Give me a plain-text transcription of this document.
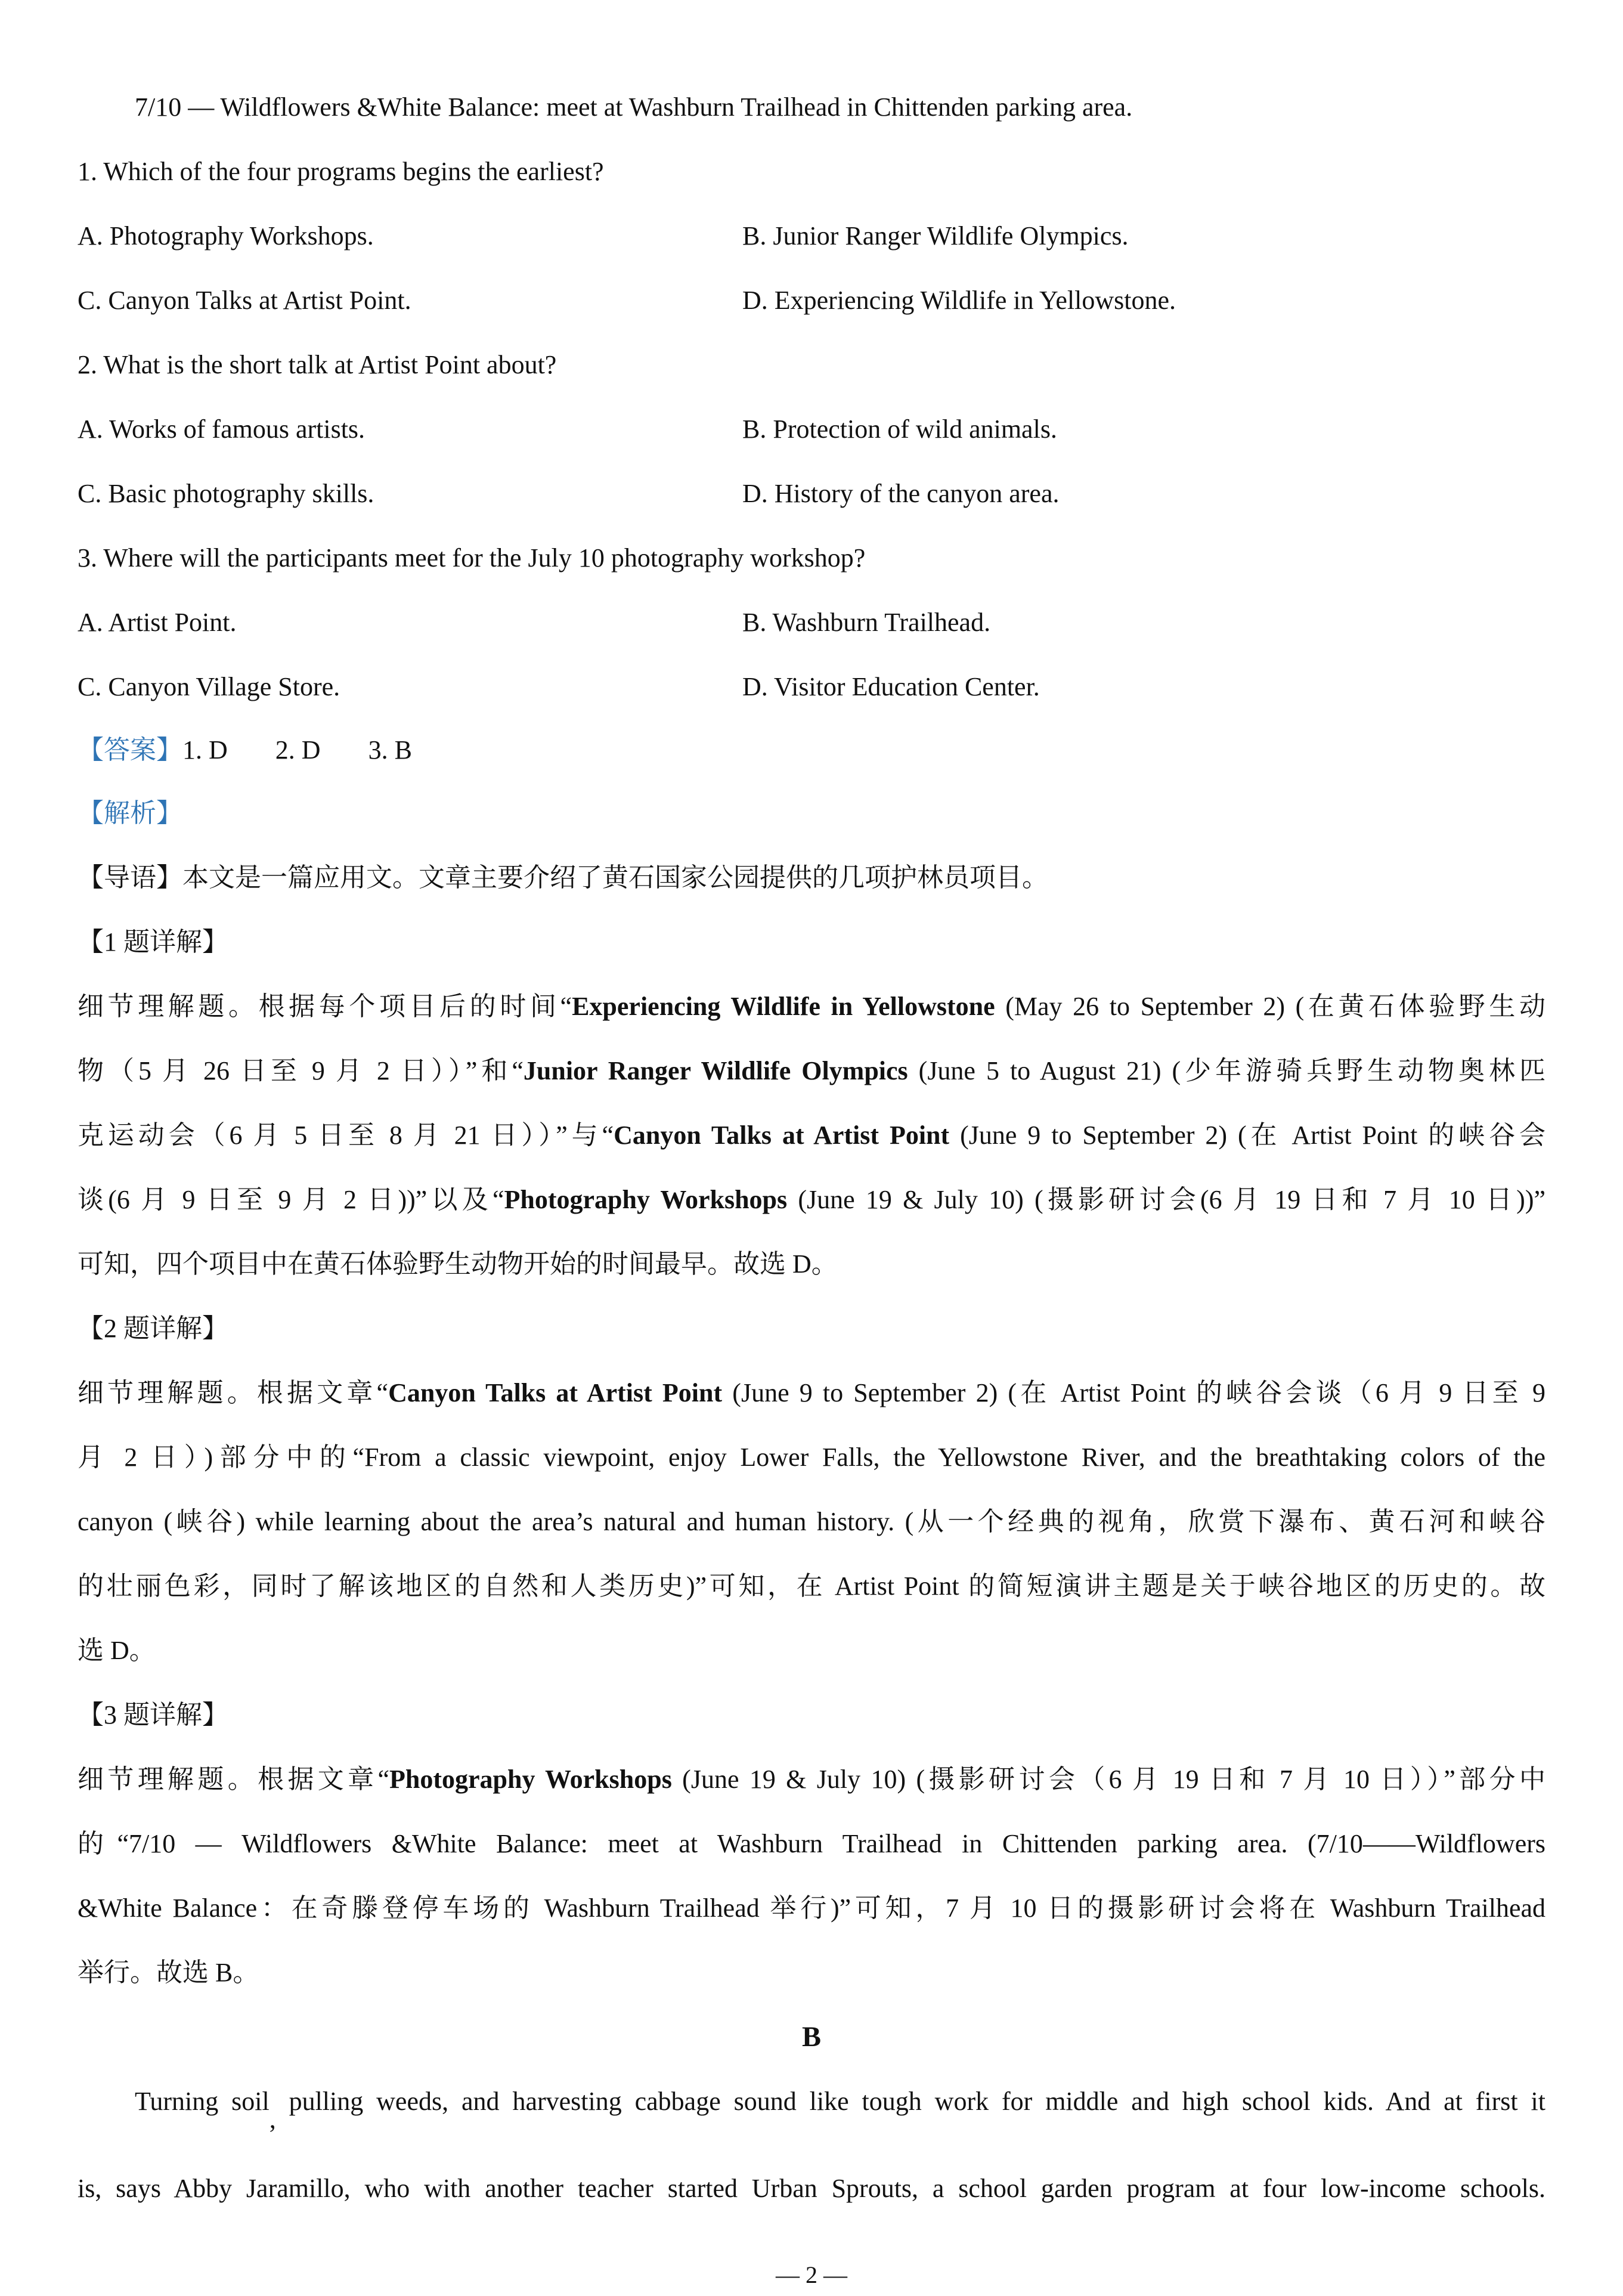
7/10 — Wildflowers &White Balance: meet at Washburn Trailhead in Chittenden parking area.
1. Which of the four programs begins the earliest?
A. Photography Workshops.	B. Junior Ranger Wildlife Olympics.
C. Canyon Talks at Artist Point.	D. Experiencing Wildlife in Yellowstone.
2. What is the short talk at Artist Point about?
A. Works of famous artists.	B. Protection of wild animals.
C. Basic photography skills.	D. History of the canyon area.
3. Where will the participants meet for the July 10 photography workshop?
A. Artist Point.	B. Washburn Trailhead.
C. Canyon Village Store.	D. Visitor Education Center.
【答案】1. D 2. D 3. B
【解析】
【导语】本文是一篇应用文。文章主要介绍了黄石国家公园提供的几项护林员项目。
【1 题详解】
细节理解题。根据每个项目后的时间“Experiencing Wildlife in Yellowstone (May 26 to September 2) (在黄石体验野生动
物（5 月 26 日至 9 月 2 日））”和“Junior Ranger Wildlife Olympics (June 5 to August 21) (少年游骑兵野生动物奥林匹
克运动会（6 月 5 日至 8 月 21 日））”与“Canyon Talks at Artist Point (June 9 to September 2) (在 Artist Point 的峡谷会
谈(6 月 9 日至 9 月 2 日))”以及“Photography Workshops (June 19 & July 10) (摄影研讨会(6 月 19 日和 7 月 10 日))”
可知，四个项目中在黄石体验野生动物开始的时间最早。故选 D。
【2 题详解】
细节理解题。根据文章“Canyon Talks at Artist Point (June 9 to September 2) (在 Artist Point 的峡谷会谈（6 月 9 日至 9
月 2 日）)部分中的“From a classic viewpoint, enjoy Lower Falls, the Yellowstone River, and the breathtaking colors of the
canyon (峡谷) while learning about the area’s natural and human history. (从一个经典的视角，欣赏下瀑布、黄石河和峡谷
的壮丽色彩，同时了解该地区的自然和人类历史)”可知，在 Artist Point 的简短演讲主题是关于峡谷地区的历史的。故
选 D。
【3 题详解】
细节理解题。根据文章“Photography Workshops (June 19 & July 10) (摄影研讨会（6 月 19 日和 7 月 10 日））”部分中
的“7/10 — Wildflowers &White Balance: meet at Washburn Trailhead in Chittenden parking area. (7/10——Wildflowers
&White Balance：在奇滕登停车场的 Washburn Trailhead 举行)”可知，7 月 10 日的摄影研讨会将在 Washburn Trailhead
举行。故选 B。
B
Turning soil, pulling weeds, and harvesting cabbage sound like tough work for middle and high school kids. And at first it
is, says Abby Jaramillo, who with another teacher started Urban Sprouts, a school garden program at four low-income schools.
— 2 —
